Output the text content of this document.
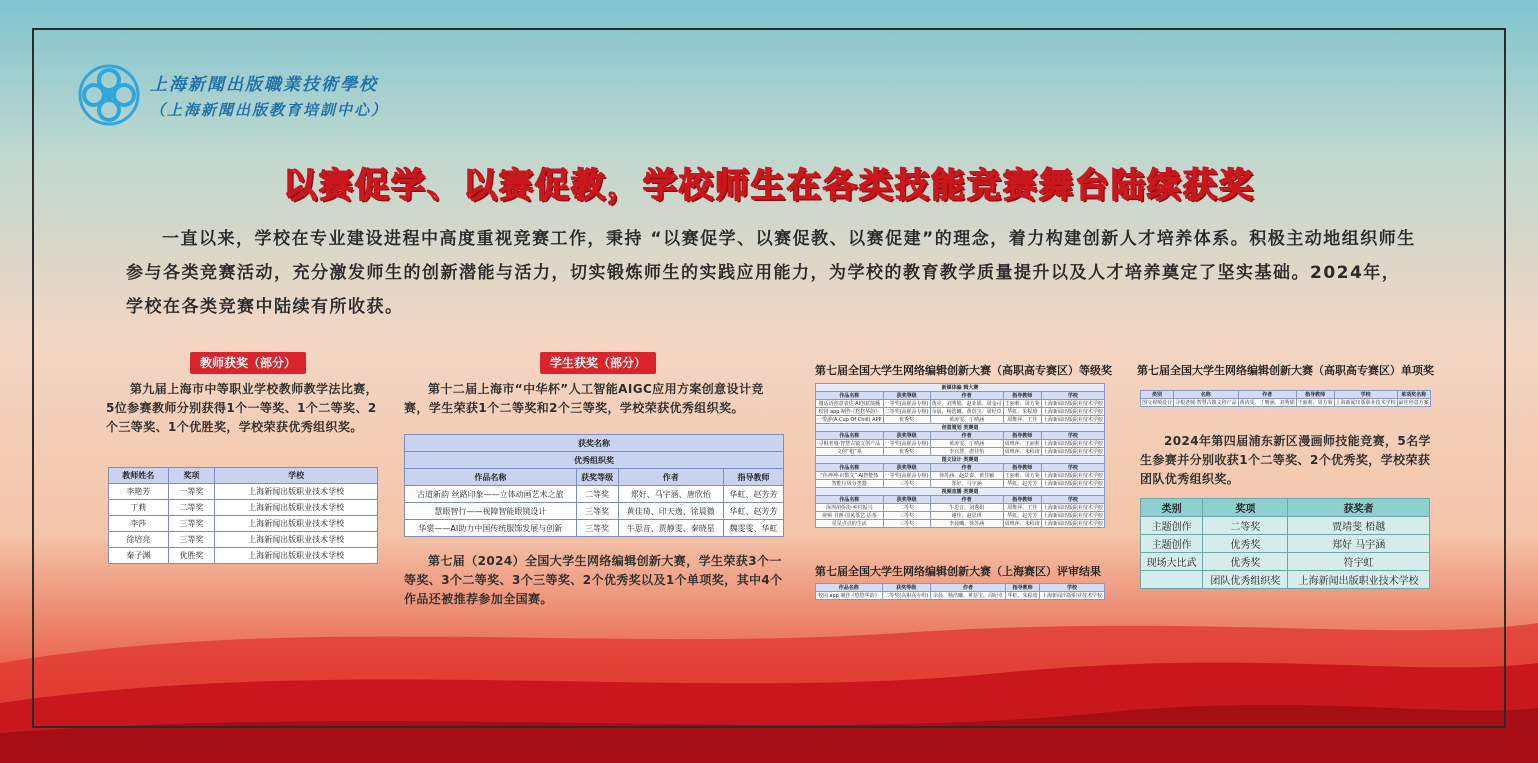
上海新聞出版職業技術學校
（上海新聞出版教育培訓中心）
以赛促学、以赛促教，学校师生在各类技能竞赛舞台陆续获奖
一直以来，学校在专业建设进程中高度重视竞赛工作，秉持 “以赛促学、以赛促教、以赛促建”的理念，着力构建创新人才培养体系。积极主动地组织师生参与各类竞赛活动，充分激发师生的创新潜能与活力，切实锻炼师生的实践应用能力，为学校的教育教学质量提升以及人才培养奠定了坚实基础。2024年，学校在各类竞赛中陆续有所收获。
教师获奖（部分）
第九届上海市中等职业学校教师教学法比赛，5位参赛教师分别获得1个一等奖、1个二等奖、2个三等奖、1个优胜奖，学校荣获优秀组织奖。
教师姓名	奖项	学校
李艳芳	一等奖	上海新闻出版职业技术学校
丁莉	二等奖	上海新闻出版职业技术学校
李莎	三等奖	上海新闻出版职业技术学校
徐培亮	三等奖	上海新闻出版职业技术学校
秦子渊	优胜奖	上海新闻出版职业技术学校
学生获奖（部分）
第十二届上海市“中华杯”人工智能AIGC应用方案创意设计竞赛，学生荣获1个二等奖和2个三等奖，学校荣获优秀组织奖。
获奖名称			
优秀组织奖			
作品名称	获奖等级	作者	指导教师
古道新韵 丝路印象——立体动画艺术之旅	二等奖	郑好、马宇涵、唐欣怡	华虹、赵芳芳
慧眼智行——视障智能眼镜设计	三等奖	黄佳琦、印天逸、徐晨微	华虹、赵芳芳
华裳——AI助力中国传统服饰发展与创新	三等奖	牛思音、贾静雯、秦晓星	魏雯雯、华虹
第七届（2024）全国大学生网络编辑创新大赛，学生荣获3个一等奖、3个二等奖、3个三等奖、2个优秀奖以及1个单项奖，其中4个作品还被推荐参加全国赛。
第七届全国大学生网络编辑创新大赛（高职高专赛区）等级奖
新媒体编 辑大赛				
作品名称	获奖等级	作者	指导教师	学校
微话语创意表达·AI创意演播	一等奖(高职高专组)	黄亮、刘秀娟、赵菲娟、周金可	王丽莉、周方菊	上海新闻出版职业技术学校
校园 app 制作·《悠悠华韵》	二等奖(高职高专组)	余晨、杨浩曦、黄蓓宝、周纪卓	华虹、朱程琦	上海新闻出版职业技术学校
一带游(A Cup Of Chill) APP	优秀奖	黄涛雯、丁晴涵	周维萍、王佳	上海新闻出版职业技术学校
创意策划 类赛道				
作品名称	获奖等级	作者	指导教师	学校
寻根老城·智慧古镇文创产品	一等奖(高职高专组)	黄涛雯、丁晴涵	周维萍、王丽莉	上海新闻出版职业技术学校
文创“根”系	优秀奖	李兴慧、唐佳怡	周维萍、朱程琦	上海新闻出版职业技术学校
图文设计 类赛道				
作品名称	获奖等级	作者	指导教师	学校
“你神神·识数文”·AI智能体	一等奖(高职高专组)	徐苏涵、赵景泰、黄佳颖	王丽莉、周方菊	上海新闻出版职业技术学校
智能垃圾分类器	三等奖	郑好、马宇涵	华虹、赵芳芳	上海新闻出版职业技术学校
视频直播 类赛道				
作品名称	获奖等级	作者	指导教师	学校
深圳胡侨街·乡村振兴	二等奖	牛思音、刘秀娟	周维萍、王佳	上海新闻出版职业技术学校
视频 书画·国风茶艺 话茶	三等奖	谢佳、赵思琪	华虹、赵芳芳	上海新闻出版职业技术学校
星星点点的生活	三等奖	李晨曦、徐苏涵	周维萍、朱程琦	上海新闻出版职业技术学校
第七届全国大学生网络编辑创新大赛（上海赛区）评审结果
作品名称	获奖等级	作者	指导教师	学校
校园 app 制作·《悠悠华韵》	二等奖(高职高专组)	余晨、杨浩曦、黄蓓宝、周纪卓	华虹、朱程琦	上海新闻出版职业技术学校
第七届全国大学生网络编辑创新大赛（高职高专赛区）单项奖
类别	名称	作者	指导教师	学校	单项奖名称
图文视频设计	寻根老城·智慧古镇文创产品	黄涛雯、丁晴涵、刘秀娟	王丽莉、周方菊	上海新闻出版职业技术学校	最佳创意方案
2024年第四届浦东新区漫画师技能竞赛，5名学生参赛并分别收获1个二等奖、2个优秀奖，学校荣获团队优秀组织奖。
类别	奖项	获奖者
主题创作	二等奖	贾靖斐 梧越
主题创作	优秀奖	郑好 马宇涵
现场大比武	优秀奖	符宇虹
	团队优秀组织奖	上海新闻出版职业技术学校
